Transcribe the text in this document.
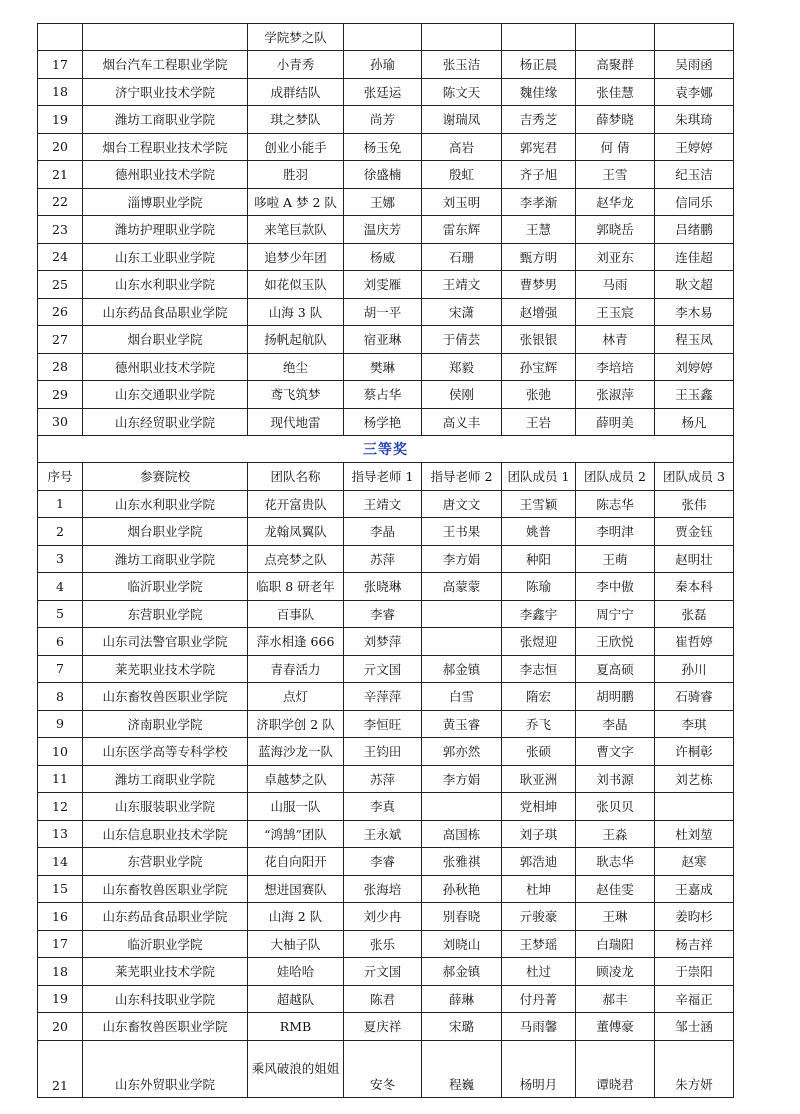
		学院梦之队					
17	烟台汽车工程职业学院	小青秀	孙瑜	张玉洁	杨正晨	高聚群	吴雨函
18	济宁职业技术学院	成群结队	张廷运	陈文天	魏佳缘	张佳慧	袁李娜
19	潍坊工商职业学院	琪之梦队	尚芳	谢瑞凤	吉秀芝	薛梦晓	朱琪琦
20	烟台工程职业技术学院	创业小能手	杨玉免	高岩	郭宪君	何 倩	王婷婷
21	德州职业技术学院	胜羽	徐盛楠	殷虹	齐子旭	王雪	纪玉洁
22	淄博职业学院	哆啦 A 梦 2 队	王娜	刘玉明	李孝渐	赵华龙	信同乐
23	潍坊护理职业学院	来笔巨款队	温庆芳	雷东辉	王慧	郭晓岳	吕绪鹏
24	山东工业职业学院	追梦少年团	杨威	石珊	甄方明	刘亚东	连佳超
25	山东水利职业学院	如花似玉队	刘雯雁	王靖文	曹梦男	马雨	耿文超
26	山东药品食品职业学院	山海 3 队	胡一平	宋潇	赵增强	王玉宸	李木易
27	烟台职业学院	扬帆起航队	宿亚琳	于倩芸	张银银	林青	程玉凤
28	德州职业技术学院	绝尘	樊琳	郑毅	孙宝辉	李培培	刘婷婷
29	山东交通职业学院	鸢飞筑梦	蔡占华	侯刚	张弛	张淑萍	王玉鑫
30	山东经贸职业学院	现代地雷	杨学艳	高义丰	王岩	薛明美	杨凡
三等奖							
序号	参赛院校	团队名称	指导老师 1	指导老师 2	团队成员 1	团队成员 2	团队成员 3
1	山东水利职业学院	花开富贵队	王靖文	唐文文	王雪颖	陈志华	张伟
2	烟台职业学院	龙翰凤翼队	李晶	王书果	姚普	李明津	贾金钰
3	潍坊工商职业学院	点亮梦之队	苏萍	李方娟	种阳	王萌	赵明壮
4	临沂职业学院	临职 8 研老年	张晓琳	高蒙蒙	陈瑜	李中傲	秦本科
5	东营职业学院	百事队	李睿		李鑫宇	周宁宁	张磊
6	山东司法警官职业学院	萍水相逢 666	刘梦萍		张煜迎	王欣悦	崔哲婷
7	莱芜职业技术学院	青春活力	亓文国	郝金镇	李志恒	夏高硕	孙川
8	山东畜牧兽医职业学院	点灯	辛萍萍	白雪	隋宏	胡明鹏	石骑睿
9	济南职业学院	济职学创 2 队	李恒旺	黄玉睿	乔飞	李晶	李琪
10	山东医学高等专科学校	蓝海沙龙一队	王钧田	郭亦然	张硕	曹文字	许桐彰
11	潍坊工商职业学院	卓越梦之队	苏萍	李方娟	耿亚洲	刘书源	刘艺栋
12	山东服装职业学院	山服一队	李真		党相坤	张贝贝	
13	山东信息职业技术学院	“鸿鹄”团队	王永斌	高国栋	刘子琪	王淼	杜刘堃
14	东营职业学院	花自向阳开	李睿	张雅祺	郭浩迪	耿志华	赵寒
15	山东畜牧兽医职业学院	想进国赛队	张海培	孙秋艳	杜坤	赵佳雯	王嘉成
16	山东药品食品职业学院	山海 2 队	刘少冉	别春晓	亓骏豪	王琳	姜昀杉
17	临沂职业学院	大柚子队	张乐	刘晓山	王梦瑶	白瑞阳	杨吉祥
18	莱芜职业技术学院	娃哈哈	亓文国	郝金镇	杜过	顾凌龙	于崇阳
19	山东科技职业学院	超越队	陈君	薛琳	付丹菁	郝丰	辛福正
20	山东畜牧兽医职业学院	RMB	夏庆祥	宋璐	马雨馨	董傅豪	邹士涵
21	山东外贸职业学院	乘风破浪的姐姐	安冬	程巍	杨明月	谭晓君	朱方妍
